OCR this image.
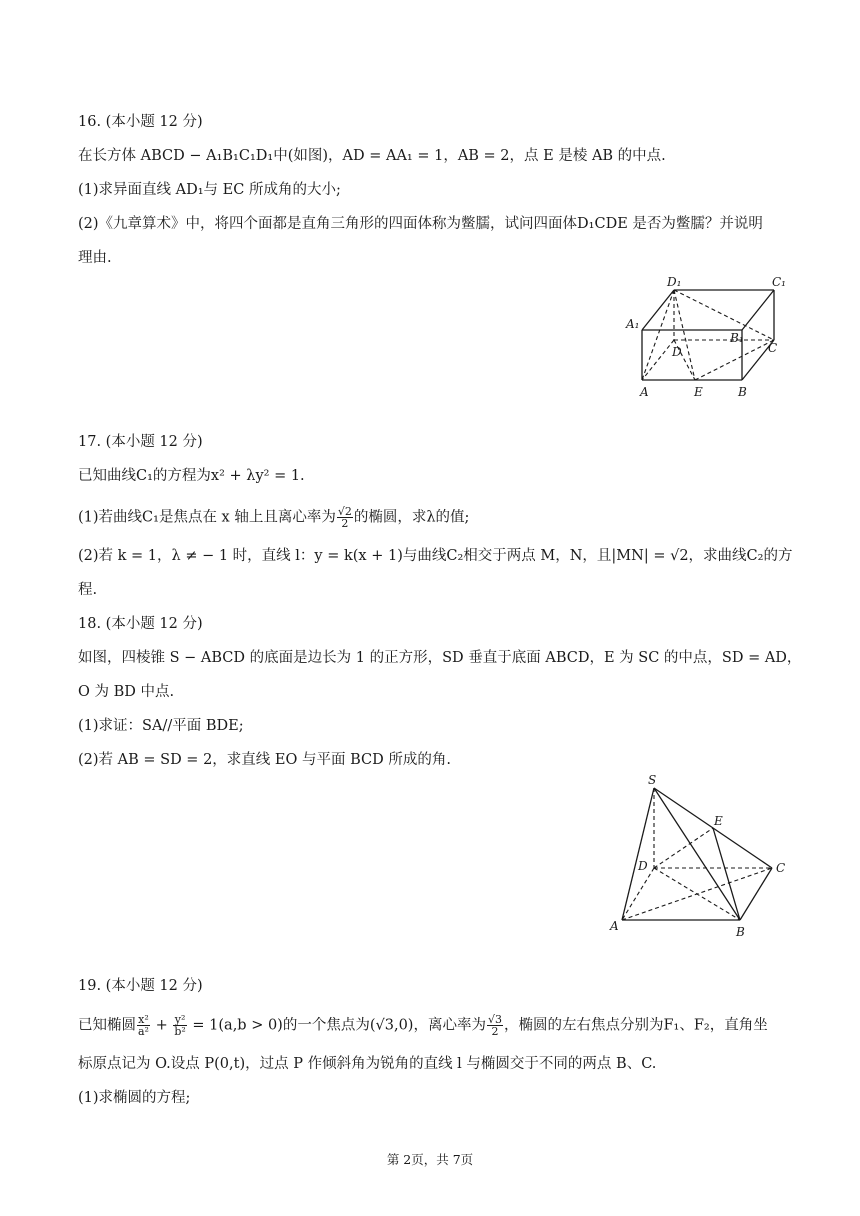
16. (本小题 12 分)
在长方体 ABCD − A₁B₁C₁D₁中(如图)，AD = AA₁ = 1，AB = 2，点 E 是棱 AB 的中点.
(1)求异面直线 AD₁与 EC 所成角的大小;
(2)《九章算术》中，将四个面都是直角三角形的四面体称为鳖臑，试问四面体D₁CDE 是否为鳖臑？并说明
理由.
D₁	C₁
A₁
B₁
D	C
A	E	B
17. (本小题 12 分)
已知曲线C₁的方程为x² + λy² = 1.
(1)若曲线C₁是焦点在 x 轴上且离心率为 $\frac{√2}{2}$ 的椭圆，求λ的值;
(2)若 k = 1，λ ≠ − 1 时，直线 l：y = k(x + 1)与曲线C₂相交于两点 M，N，且|MN| = √2，求曲线C₂的方
程.
18. (本小题 12 分)
如图，四棱锥 S − ABCD 的底面是边长为 1 的正方形，SD 垂直于底面 ABCD，E 为 SC 的中点，SD = AD，
O 为 BD 中点.
(1)求证：SA//平面 BDE;
(2)若 AB = SD = 2，求直线 EO 与平面 BCD 所成的角.
S
E
D	C
A	B
19. (本小题 12 分)
已知椭圆 $\frac{\text{x²}}{\text{a²}} + \frac{\text{y²}}{\text{b²}} = 1(a,b > 0)$的一个焦点为(√3,0)，离心率为 $\frac{√3}{2}$ ，椭圆的左右焦点分别为F₁、F₂，直角坐
标原点记为 O.设点 P(0,t)，过点 P 作倾斜角为锐角的直线 l 与椭圆交于不同的两点 B、C.
(1)求椭圆的方程;
第 2页，共 7页
